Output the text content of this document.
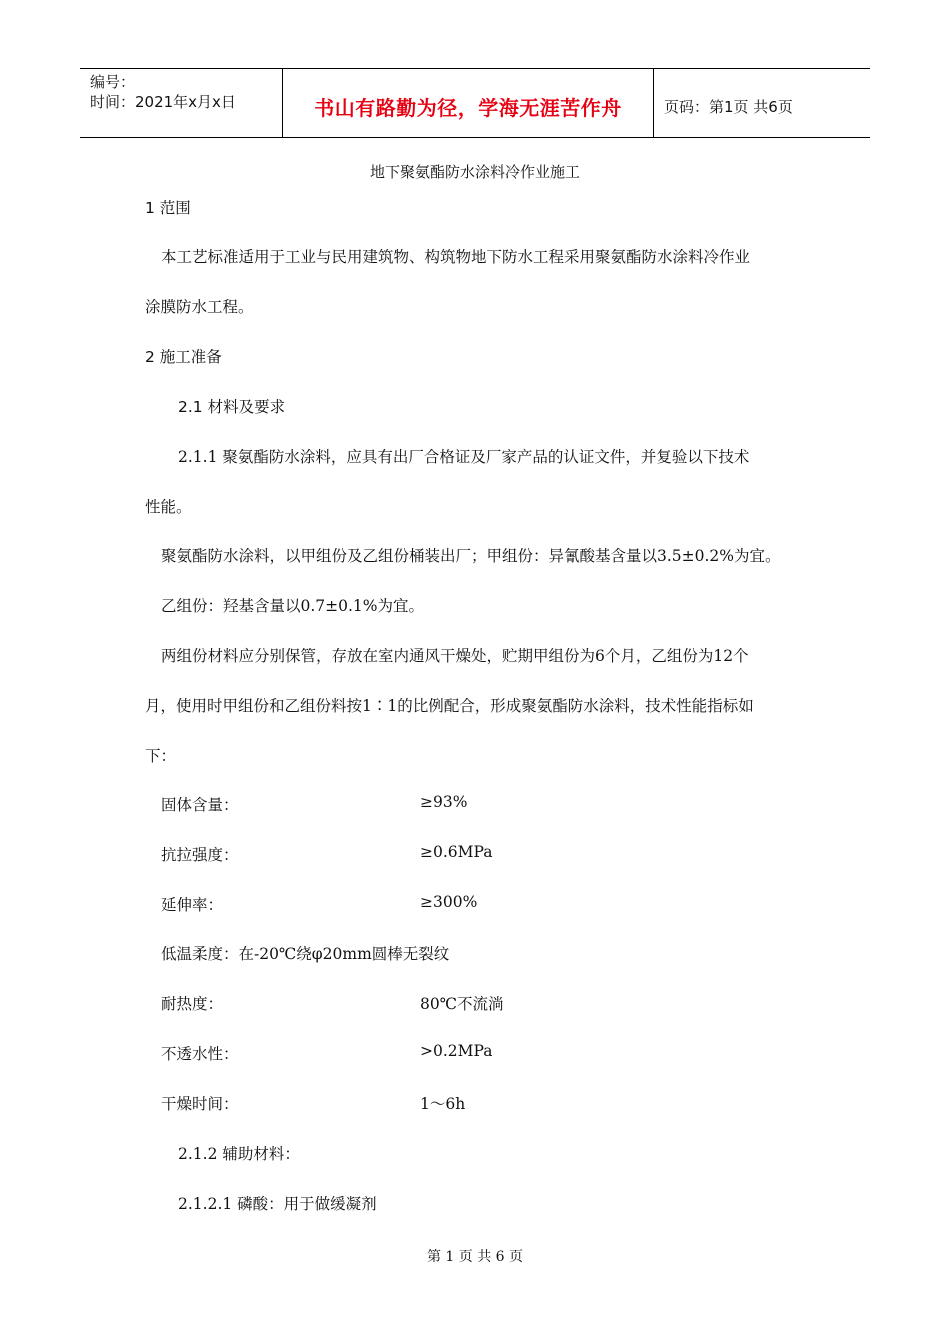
编号：
时间：2021年x月x日	书山有路勤为径，学海无涯苦作舟	页码：第1页 共6页
地下聚氨酯防水涂料冷作业施工
1 范围
本工艺标准适用于工业与民用建筑物、构筑物地下防水工程采用聚氨酯防水涂料冷作业
涂膜防水工程。
2 施工准备
2.1 材料及要求
2.1.1 聚氨酯防水涂料，应具有出厂合格证及厂家产品的认证文件，并复验以下技术
性能。
聚氨酯防水涂料，以甲组份及乙组份桶装出厂；甲组份：异氰酸基含量以3.5±0.2%为宜。
乙组份：羟基含量以0.7±0.1%为宜。
两组份材料应分别保管，存放在室内通风干燥处，贮期甲组份为6个月，乙组份为12个
月，使用时甲组份和乙组份料按1∶1的比例配合，形成聚氨酯防水涂料，技术性能指标如
下：
固体含量：	≥93%
抗拉强度：	≥0.6MPa
延伸率：	≥300%
低温柔度：在-20℃绕φ20mm圆棒无裂纹
耐热度：	80℃不流淌
不透水性：	>0.2MPa
干燥时间：	1～6h
2.1.2 辅助材料：
2.1.2.1 磷酸：用于做缓凝剂
第 1 页 共 6 页
